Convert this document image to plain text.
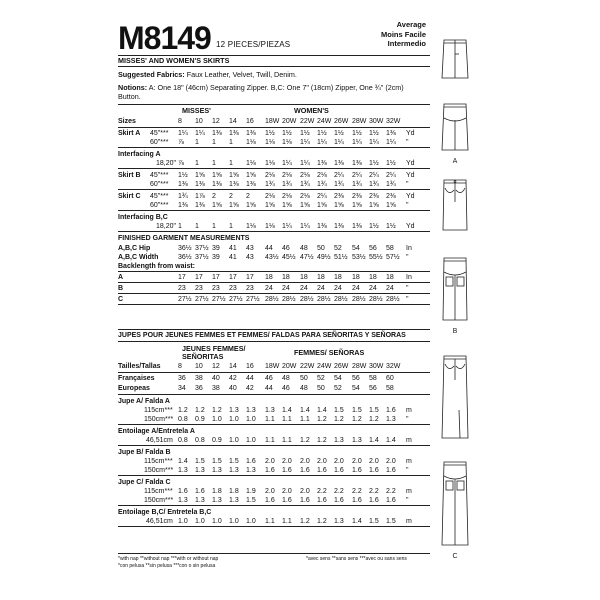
M8149 12 PIECES/PIEZAS
Average
Moins Facile
Intermedio
MISSES' AND WOMEN'S SKIRTS
Suggested Fabrics: Faux Leather, Velvet, Twill, Denim.
Notions: A: One 18" (46cm) Separating Zipper. B,C: One 7" (18cm) Zipper, One ¾" (2cm)
Button.
MISSES'	WOMEN'S
Sizes	8 10 12 14 16 18W 20W 22W 24W 26W 28W 30W 32W
Skirt A 45"*** 1¼ 1¼ 1⅜ 1⅜ 1⅜ 1½ 1½ 1½ 1½ 1½ 1½ 1½ 1⅜ Yd
60"*** ⅞ 1 1 1 1⅛ 1⅛ 1⅛ 1¼ 1¼ 1¼ 1¼ 1¼ 1¼ "
Interfacing A
18,20" ⅞ 1 1 1 1⅛ 1⅛ 1¼ 1¼ 1⅜ 1⅜ 1⅜ 1½ 1½ Yd
Skirt B 45"*** 1½ 1⅝ 1⅝ 1⅝ 1⅝ 2⅛ 2⅛ 2⅛ 2⅛ 2¼ 2¼ 2¼ 2¼ Yd
60"*** 1⅜ 1⅜ 1⅜ 1⅜ 1⅜ 1¾ 1¾ 1¾ 1¾ 1¾ 1¾ 1¾ 1¾ "
Skirt C 45"*** 1¾ 1⅞ 2 2 2 2⅛ 2⅛ 2⅛ 2¼ 2⅜ 2⅜ 2⅜ 2⅜ Yd
60"*** 1⅜ 1⅜ 1⅝ 1⅝ 1⅝ 1⅝ 1⅝ 1⅝ 1⅝ 1⅝ 1⅝ 1⅝ 1⅝ "
Interfacing B,C
18,20" 1 1 1 1 1⅛ 1⅛ 1¼ 1¼ 1⅜ 1⅜ 1⅜ 1½ 1½ Yd
FINISHED GARMENT MEASUREMENTS
A,B,C Hip	36½ 37½ 39 41 43 44 46 48 50 52 54 56 58 In
A,B,C Width	36½ 37½ 39 41 43 43½ 45½ 47½ 49½ 51½ 53½ 55½ 57½ "
Backlength from waist:
A	17 17 17 17 17 18 18 18 18 18 18 18 18 In
B	23 23 23 23 23 24 24 24 24 24 24 24 24 "
C	27½ 27½ 27½ 27½ 27½ 28½ 28½ 28½ 28½ 28½ 28½ 28½ 28½ "
JUPES POUR JEUNES FEMMES ET FEMMES/ FALDAS PARA SEÑORITAS Y SEÑORAS
JEUNES FEMMES/
SEÑORITAS	FEMMES/ SEÑORAS
Tailles/Tallas 8 10 12 14 16 18W 20W 22W 24W 26W 28W 30W 32W
Françaises	36 38 40 42 44 46 48 50 52 54 56 58 60
Europeas	34 36 38 40 42 44 46 48 50 52 54 56 58
Jupe A/ Falda A
115cm*** 1.2 1.2 1.2 1.3 1.3 1.3 1.4 1.4 1.4 1.5 1.5 1.5 1.6 m
150cm*** 0.8 0.9 1.0 1.0 1.0 1.1 1.1 1.1 1.2 1.2 1.2 1.2 1.3 "
Entoilage A/Entretela A
46,51cm 0.8 0.8 0.9 1.0 1.0 1.1 1.1 1.2 1.2 1.3 1.3 1.4 1.4 m
Jupe B/ Falda B
115cm*** 1.4 1.5 1.5 1.5 1.6 2.0 2.0 2.0 2.0 2.0 2.0 2.0 2.0 m
150cm*** 1.3 1.3 1.3 1.3 1.3 1.6 1.6 1.6 1.6 1.6 1.6 1.6 1.6 "
Jupe C/ Falda C
115cm*** 1.6 1.6 1.8 1.8 1.9 2.0 2.0 2.0 2.2 2.2 2.2 2.2 2.2 m
150cm*** 1.3 1.3 1.3 1.3 1.5 1.6 1.6 1.6 1.6 1.6 1.6 1.6 1.6 "
Entoilage B,C/ Entretela B,C
46,51cm 1.0 1.0 1.0 1.0 1.0 1.1 1.1 1.2 1.2 1.3 1.4 1.5 1.5 m
*with nap **without nap ***with or without nap
*con pelusa **sin pelusa ***con o sin pelusa
*avec sens **sans sens ***avec ou sans sens
A
B
C
